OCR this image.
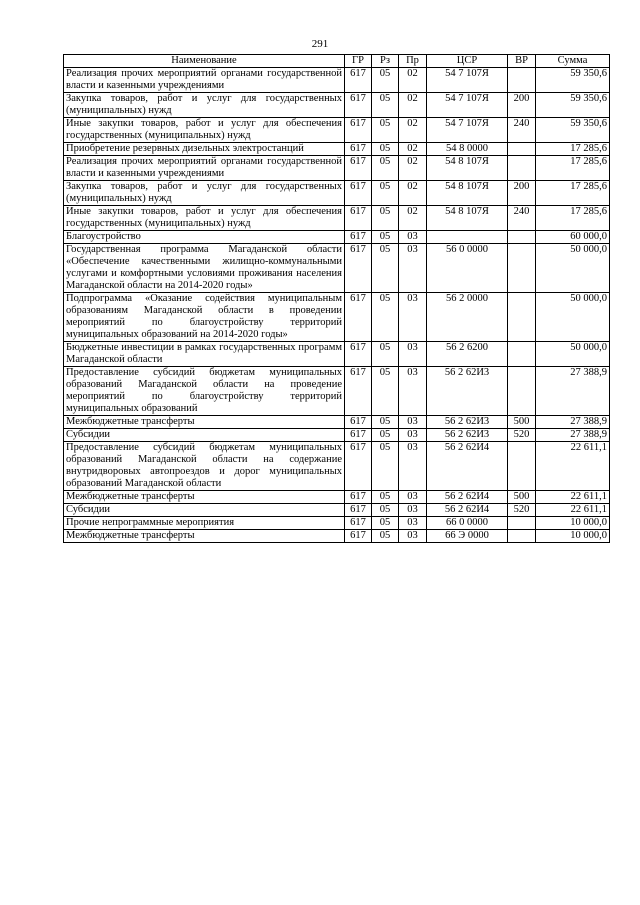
291
Наименование	ГР	Рз	Пр	ЦСР	ВР	Сумма
Реализация прочих мероприятий органами государственной власти и казенными учреждениями	617	05	02	54 7 107Я		59 350,6
Закупка товаров, работ и услуг для государственных (муниципальных) нужд	617	05	02	54 7 107Я	200	59 350,6
Иные закупки товаров, работ и услуг для обеспечения государственных (муниципальных) нужд	617	05	02	54 7 107Я	240	59 350,6
Приобретение резервных дизельных электростанций	617	05	02	54 8 0000		17 285,6
Реализация прочих мероприятий органами государственной власти и казенными учреждениями	617	05	02	54 8 107Я		17 285,6
Закупка товаров, работ и услуг для государственных (муниципальных) нужд	617	05	02	54 8 107Я	200	17 285,6
Иные закупки товаров, работ и услуг для обеспечения государственных (муниципальных) нужд	617	05	02	54 8 107Я	240	17 285,6
Благоустройство	617	05	03			60 000,0
Государственная программа Магаданской области «Обеспечение качественными жилищно-коммунальными услугами и комфортными условиями проживания населения Магаданской области на 2014-2020 годы»	617	05	03	56 0 0000		50 000,0
Подпрограмма «Оказание содействия муниципальным образованиям Магаданской области в проведении мероприятий по благоустройству территорий муниципальных образований на 2014-2020 годы»	617	05	03	56 2 0000		50 000,0
Бюджетные инвестиции в рамках государственных программ Магаданской области	617	05	03	56 2 6200		50 000,0
Предоставление субсидий бюджетам муниципальных образований Магаданской области на проведение мероприятий по благоустройству территорий муниципальных образований	617	05	03	56 2 62И3		27 388,9
Межбюджетные трансферты	617	05	03	56 2 62И3	500	27 388,9
Субсидии	617	05	03	56 2 62И3	520	27 388,9
Предоставление субсидий бюджетам муниципальных образований Магаданской области на содержание внутридворовых автопроездов и дорог муниципальных образований Магаданской области	617	05	03	56 2 62И4		22 611,1
Межбюджетные трансферты	617	05	03	56 2 62И4	500	22 611,1
Субсидии	617	05	03	56 2 62И4	520	22 611,1
Прочие непрограммные мероприятия	617	05	03	66 0 0000		10 000,0
Межбюджетные трансферты	617	05	03	66 Э 0000		10 000,0
